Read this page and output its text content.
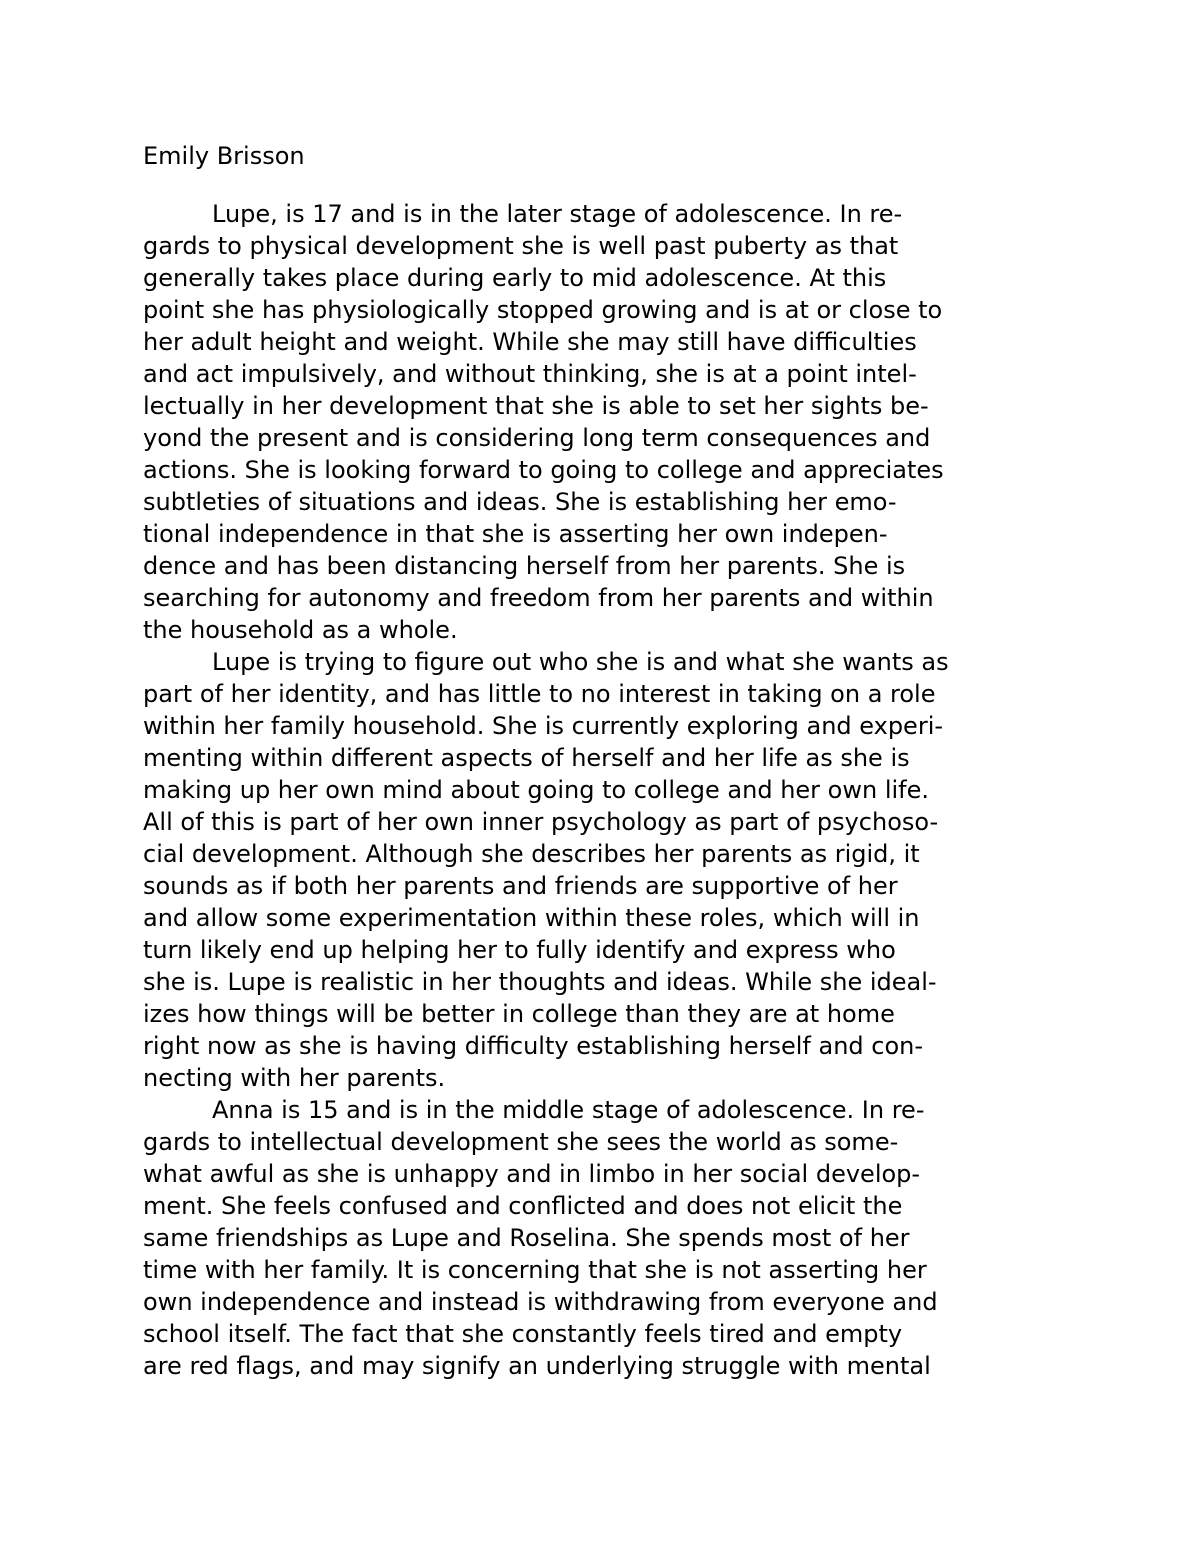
Emily Brisson
Lupe, is 17 and is in the later stage of adolescence. In re-
gards to physical development she is well past puberty as that
generally takes place during early to mid adolescence. At this
point she has physiologically stopped growing and is at or close to
her adult height and weight. While she may still have difficulties
and act impulsively, and without thinking, she is at a point intel-
lectually in her development that she is able to set her sights be-
yond the present and is considering long term consequences and
actions. She is looking forward to going to college and appreciates
subtleties of situations and ideas. She is establishing her emo-
tional independence in that she is asserting her own indepen-
dence and has been distancing herself from her parents. She is
searching for autonomy and freedom from her parents and within
the household as a whole.
Lupe is trying to figure out who she is and what she wants as
part of her identity, and has little to no interest in taking on a role
within her family household. She is currently exploring and experi-
menting within different aspects of herself and her life as she is
making up her own mind about going to college and her own life.
All of this is part of her own inner psychology as part of psychoso-
cial development. Although she describes her parents as rigid, it
sounds as if both her parents and friends are supportive of her
and allow some experimentation within these roles, which will in
turn likely end up helping her to fully identify and express who
she is. Lupe is realistic in her thoughts and ideas. While she ideal-
izes how things will be better in college than they are at home
right now as she is having difficulty establishing herself and con-
necting with her parents.
Anna is 15 and is in the middle stage of adolescence. In re-
gards to intellectual development she sees the world as some-
what awful as she is unhappy and in limbo in her social develop-
ment. She feels confused and conflicted and does not elicit the
same friendships as Lupe and Roselina. She spends most of her
time with her family. It is concerning that she is not asserting her
own independence and instead is withdrawing from everyone and
school itself. The fact that she constantly feels tired and empty
are red flags, and may signify an underlying struggle with mental
